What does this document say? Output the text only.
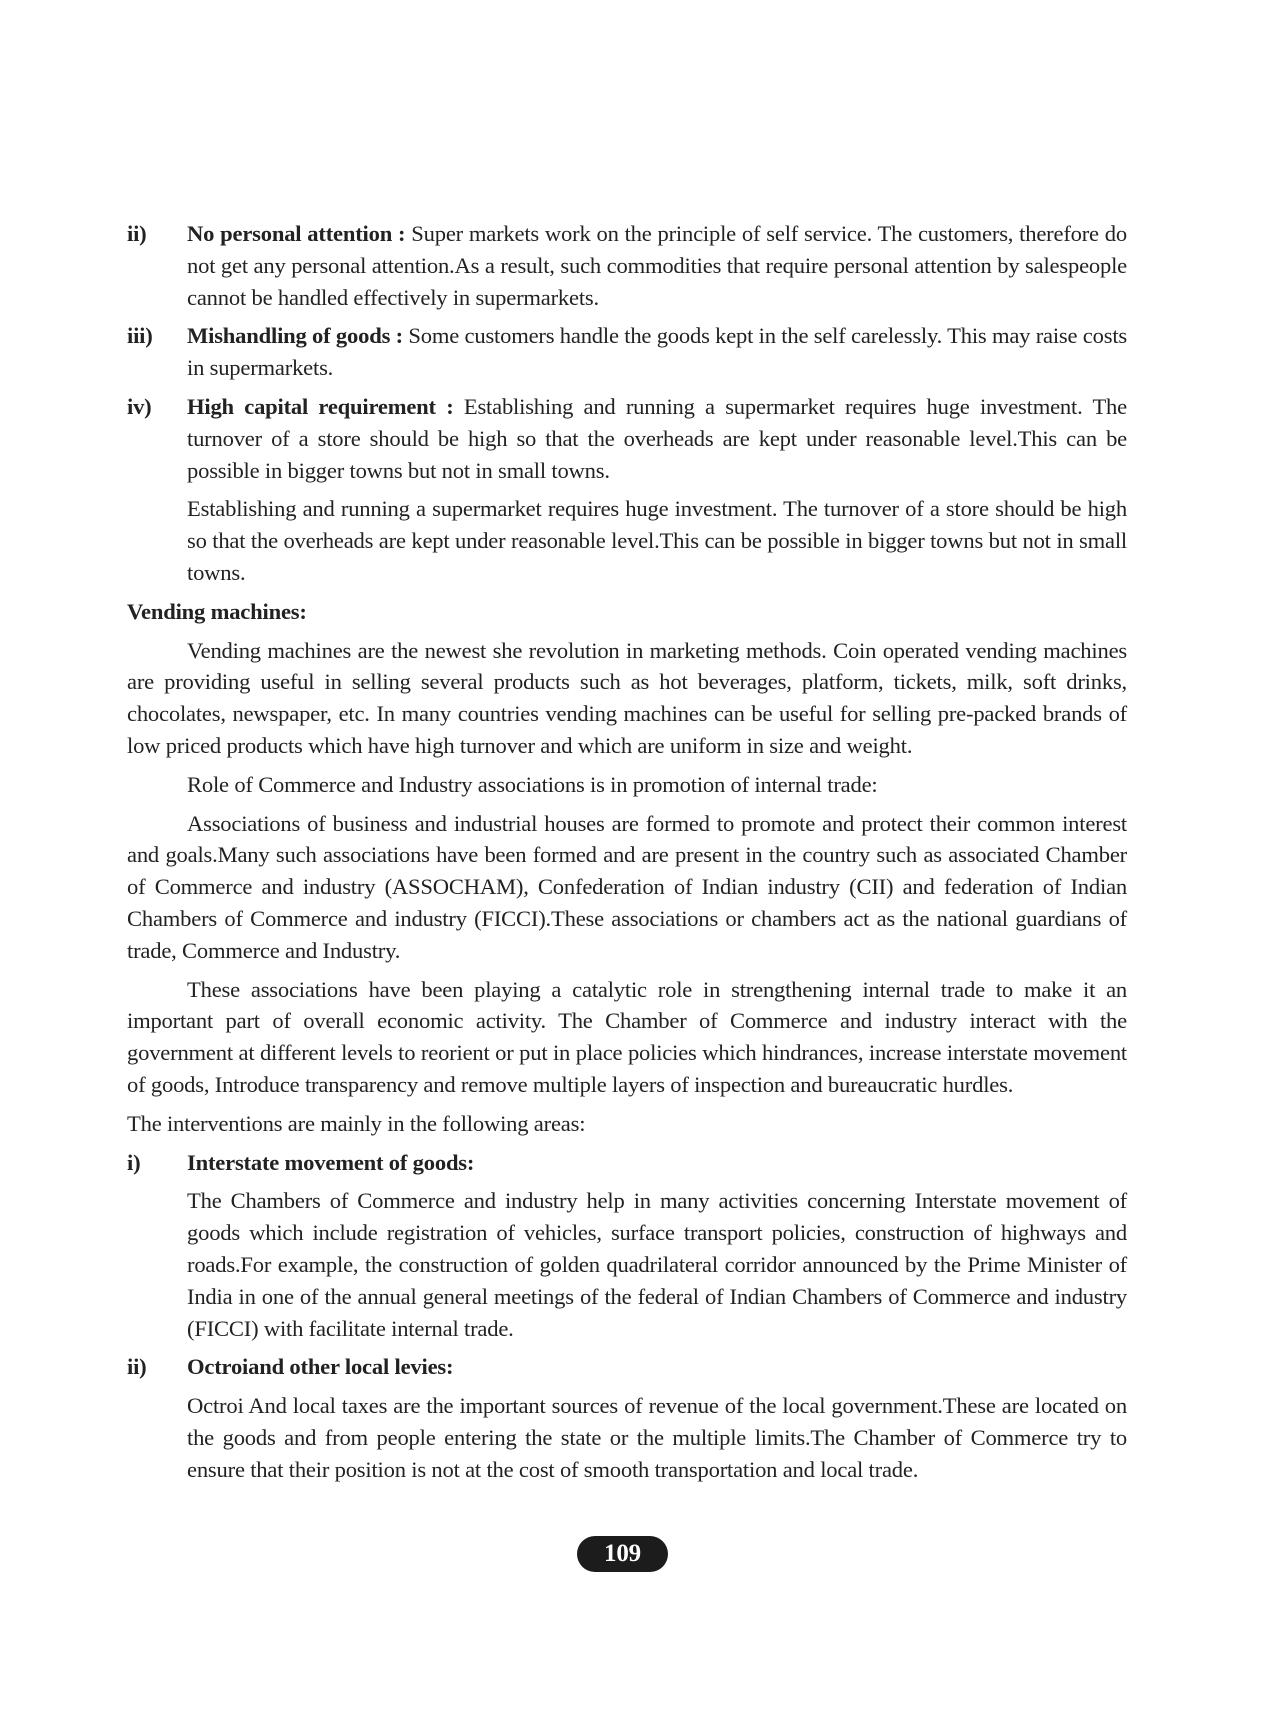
ii) No personal attention : Super markets work on the principle of self service. The customers, therefore do not get any personal attention.As a result, such commodities that require personal attention by salespeople cannot be handled effectively in supermarkets.

iii) Mishandling of goods : Some customers handle the goods kept in the self carelessly. This may raise costs in supermarkets.

iv) High capital requirement : Establishing and running a supermarket requires huge investment. The turnover of a store should be high so that the overheads are kept under reasonable level.This can be possible in bigger towns but not in small towns.

Establishing and running a supermarket requires huge investment. The turnover of a store should be high so that the overheads are kept under reasonable level.This can be possible in bigger towns but not in small towns.

Vending machines:

Vending machines are the newest she revolution in marketing methods. Coin operated vending machines are providing useful in selling several products such as hot beverages, platform, tickets, milk, soft drinks, chocolates, newspaper, etc. In many countries vending machines can be useful for selling pre-packed brands of low priced products which have high turnover and which are uniform in size and weight.

Role of Commerce and Industry associations is in promotion of internal trade:

Associations of business and industrial houses are formed to promote and protect their common interest and goals.Many such associations have been formed and are present in the country such as associated Chamber of Commerce and industry (ASSOCHAM), Confederation of Indian industry (CII) and federation of Indian Chambers of Commerce and industry (FICCI).These associations or chambers act as the national guardians of trade, Commerce and Industry.

These associations have been playing a catalytic role in strengthening internal trade to make it an important part of overall economic activity. The Chamber of Commerce and industry interact with the government at different levels to reorient or put in place policies which hindrances, increase interstate movement of goods, Introduce transparency and remove multiple layers of inspection and bureaucratic hurdles.

The interventions are mainly in the following areas:

i) Interstate movement of goods:

The Chambers of Commerce and industry help in many activities concerning Interstate movement of goods which include registration of vehicles, surface transport policies, construction of highways and roads.For example, the construction of golden quadrilateral corridor announced by the Prime Minister of India in one of the annual general meetings of the federal of Indian Chambers of Commerce and industry (FICCI) with facilitate internal trade.

ii) Octroiand other local levies:

Octroi And local taxes are the important sources of revenue of the local government.These are located on the goods and from people entering the state or the multiple limits.The Chamber of Commerce try to ensure that their position is not at the cost of smooth transportation and local trade.

109
